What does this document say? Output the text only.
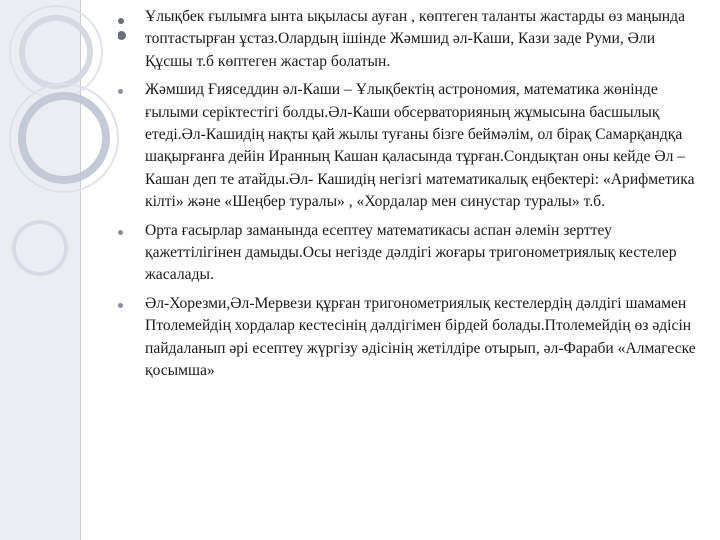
Ұлықбек ғылымға ынта ықыласы ауған , көптеген таланты жастарды өз маңында топтастырған ұстаз.Олардың ішінде Жәмшид әл-Каши, Кази заде Руми, Әли Құсшы т.б көптеген жастар болатын.
Жәмшид Ғияседдин әл-Каши – Ұлықбектің астрономия, математика жөнінде ғылыми серіктестігі болды.Әл-Каши обсерваторияның жұмысына басшылық етеді.Әл-Кашидің нақты қай жылы туғаны бізге беймәлім, ол бірақ Самарқандқа шақырғанға дейін Иранның Кашан қаласында тұрған.Сондықтан оны кейде Әл – Кашан деп те атайды.Әл- Кашидің негізгі математикалық еңбектері: «Арифметика кілті» және «Шеңбер туралы» , «Хордалар мен синустар туралы» т.б.
Орта ғасырлар заманында есептеу математикасы аспан әлемін зерттеу қажеттілігінен дамыды.Осы негізде дәлдігі жоғары тригонометриялық кестелер жасалады.
Әл-Хорезми,Әл-Мервези құрған тригонометриялық кестелердің дәлдігі шамамен Птолемейдің хордалар кестесінің дәлдігімен бірдей болады.Птолемейдің өз әдісін пайдаланып әрі есептеу жүргізу әдісінің жетілдіре отырып, әл-Фараби «Алмагеске қосымша»
